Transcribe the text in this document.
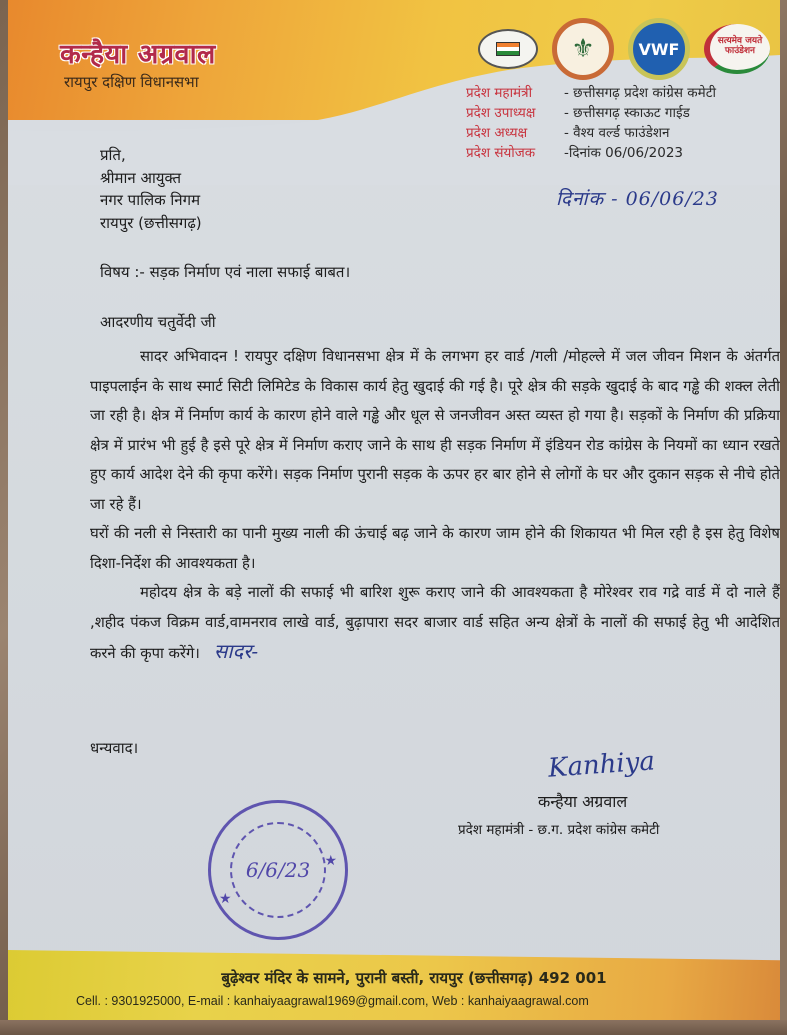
कन्हैया अग्रवाल
रायपुर दक्षिण विधानसभा
⚜	VWF	सत्यमेव जयते फाउंडेशन
प्रदेश महामंत्री	- छत्तीसगढ़ प्रदेश कांग्रेस कमेटी
प्रदेश उपाध्यक्ष	- छत्तीसगढ़ स्काऊट गाईड
प्रदेश अध्यक्ष	- वैश्य वर्ल्ड फाउंडेशन
प्रदेश संयोजक	-दिनांक 06/06/2023
दिनांक - 06/06/23
प्रति,
श्रीमान आयुक्त
नगर पालिक निगम
रायपुर (छत्तीसगढ़)
विषय :- सड़क निर्माण एवं नाला सफाई बाबत।
आदरणीय चतुर्वेदी जी

सादर अभिवादन ! रायपुर दक्षिण विधानसभा क्षेत्र में के लगभग हर वार्ड /गली /मोहल्ले में जल जीवन मिशन के अंतर्गत पाइपलाईन के साथ स्मार्ट सिटी लिमिटेड के विकास कार्य हेतु खुदाई की गई है। पूरे क्षेत्र की सड़के खुदाई के बाद गड्ढे की शक्ल लेती जा रही है। क्षेत्र में निर्माण कार्य के कारण होने वाले गड्ढे और धूल से जनजीवन अस्त व्यस्त हो गया है। सड़कों के निर्माण की प्रक्रिया क्षेत्र में प्रारंभ भी हुई है इसे पूरे क्षेत्र में निर्माण कराए जाने के साथ ही सड़क निर्माण में इंडियन रोड कांग्रेस के नियमों का ध्यान रखते हुए कार्य आदेश देने की कृपा करेंगे। सड़क निर्माण पुरानी सड़क के ऊपर हर बार होने से लोगों के घर और दुकान सड़क से नीचे होते जा रहे हैं।

घरों की नली से निस्तारी का पानी मुख्य नाली की ऊंचाई बढ़ जाने के कारण जाम होने की शिकायत भी मिल रही है इस हेतु विशेष दिशा-निर्देश की आवश्यकता है।

महोदय क्षेत्र के बड़े नालों की सफाई भी बारिश शुरू कराए जाने की आवश्यकता है मोरेश्वर राव गद्रे वार्ड में दो नाले हैं ,शहीद पंकज विक्रम वार्ड,वामनराव लाखे वार्ड, बुढ़ापारा सदर बाजार वार्ड सहित अन्य क्षेत्रों के नालों की सफाई हेतु भी आदेशित करने की कृपा करेंगे। सादर-

धन्यवाद।	Kanhiya
कन्हैया अग्रवाल
प्रदेश महामंत्री - छ.ग. प्रदेश कांग्रेस कमेटी
★
★
6/6/23
बुढ़ेश्वर मंदिर के सामने, पुरानी बस्ती, रायपुर (छत्तीसगढ़) 492 001
Cell. : 9301925000, E-mail : kanhaiyaagrawal1969@gmail.com, Web : kanhaiyaagrawal.com
